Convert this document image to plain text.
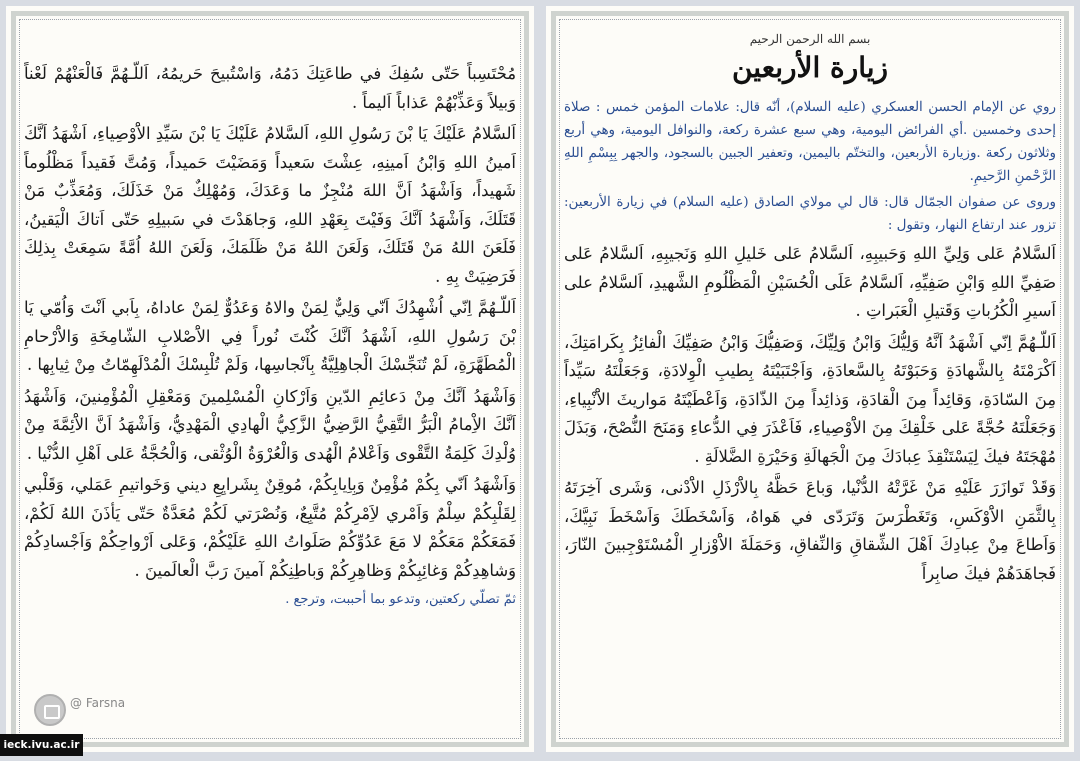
بسم الله الرحمن الرحيم

زيارة الأربعين

روي عن الإمام الحسن العسكري (عليه السلام)، أنّه قال: علامات المؤمن خمس : صلاة إحدى وخمسين .أي الفرائض اليومية، وهي سبع عشرة ركعة، والنوافل اليومية، وهي أربع وثلاثون ركعة .وزيارة الأربعين، والتختّم باليمين، وتعفير الجبين بالسجود، والجهر بِبِسْمِ اللهِ الرَّحْمنِ الرَّحيمِ.

وروى عن صفوان الجمّال قال: قال لي مولاي الصادق (عليه السلام) في زيارة الأربعين: تزور عند ارتفاع النهار، وتقول :

اَلسَّلامُ عَلى وَلِيِّ اللهِ وَحَبيبِهِ، اَلسَّلامُ عَلى خَليلِ اللهِ وَنَجيبِهِ، اَلسَّلامُ عَلى صَفِيِّ اللهِ وَابْنِ صَفِيِّهِ، اَلسَّلامُ عَلَى الْحُسَيْنِ الْمَظْلُومِ الشَّهيدِ، اَلسَّلامُ على اَسيرِ الْكُرُباتِ وَقَتيلِ الْعَبَراتِ .

اَللّـهُمَّ اِنّي اَشْهَدُ اَنَّهُ وَلِيُّكَ وَابْنُ وَلِيِّكَ، وَصَفِيُّكَ وَابْنُ صَفِيِّكَ الْفائِزُ بِكَرامَتِكَ، اَكْرَمْتَهُ بِالشَّهادَةِ وَحَبَوْتَهُ بِالسَّعادَةِ، وَاَجْتَبَيْتَهُ بِطيبِ الْوِلادَةِ، وَجَعَلْتَهُ سَيِّداً مِنَ السّادَةِ، وَقائِداً مِنَ الْقادَةِ، وَذائِداً مِنَ الذّادَةِ، وَاَعْطَيْتَهُ مَواريثَ الاَْنْبِياءِ، وَجَعَلْتَهُ حُجَّةً عَلى خَلْقِكَ مِنَ الاَْوْصِياءِ، فَاَعْذَرَ فِي الدُّعاءِ وَمَنَحَ النُّصْحَ، وَبَذَلَ مُهْجَتَهُ فيكَ لِيَسْتَنْقِذَ عِبادَكَ مِنَ الْجَهالَةِ وَحَيْرَةِ الضَّلالَةِ .

وَقَدْ تَوازَرَ عَلَيْهِ مَنْ غَرَّتْهُ الدُّنْيا، وَباعَ حَظَّهُ بِالاَْرْذَلِ الاَْدْنى، وَشَرى آخِرَتَهُ بِالثَّمَنِ الاَْوْكَسِ، وَتَغَطْرَسَ وَتَرَدّى في هَواهُ، وَاَسْخَطَكَ وَاَسْخَطَ نَبِيَّكَ، وَاَطاعَ مِنْ عِبادِكَ اَهْلَ الشِّقاقِ وَالنِّفاقِ، وَحَمَلَةَ الاَْوْزارِ الْمُسْتَوْجِبينَ النّارَ، فَجاهَدَهُمْ فيكَ صابِراً

مُحْتَسِباً حَتّى سُفِكَ في طاعَتِكَ دَمُهُ، وَاسْتُبيحَ حَريمُهُ، اَللّـهُمَّ فَالْعَنْهُمْ لَعْناً وَبيلاً وَعَذِّبْهُمْ عَذاباً اَليماً .

اَلسَّلامُ عَلَيْكَ يَا بْنَ رَسُولِ اللهِ، اَلسَّلامُ عَلَيْكَ يَا بْنَ سَيِّدِ الاَْوْصِياءِ، اَشْهَدُ اَنَّكَ اَمينُ اللهِ وَابْنُ اَمينِهِ، عِشْتَ سَعيداً وَمَضَيْتَ حَميداً، وَمُتَّ فَقيداً مَظْلُوماً شَهيداً، وَاَشْهَدُ اَنَّ اللهَ مُنْجِزٌ ما وَعَدَكَ، وَمُهْلِكٌ مَنْ خَذَلَكَ، وَمُعَذِّبٌ مَنْ قَتَلَكَ، وَاَشْهَدُ اَنَّكَ وَفَيْتَ بِعَهْدِ اللهِ، وَجاهَدْتَ في سَبيلِهِ حَتّى اَتاكَ الْيَقينُ، فَلَعَنَ اللهُ مَنْ قَتَلَكَ، وَلَعَنَ اللهُ مَنْ ظَلَمَكَ، وَلَعَنَ اللهُ اُمَّةً سَمِعَتْ بِذلِكَ فَرَضِيَتْ بِهِ .

اَللّـهُمَّ اِنّي اُشْهِدُكَ اَنّي وَلِيٌّ لِمَنْ والاهُ وَعَدُوٌّ لِمَنْ عاداهُ، بِاَبي اَنْتَ وَاُمّي يَا بْنَ رَسُولِ اللهِ، اَشْهَدُ اَنَّكَ كُنْتَ نُوراً فِي الاَْصْلابِ الشّامِخَةِ وَالاَْرْحامِ الْمُطَهَّرَةِ، لَمْ تُنَجِّسْكَ الْجاهِلِيَّةُ بِاَنْجاسِها، وَلَمْ تُلْبِسْكَ الْمُدْلَهِمّاتُ مِنْ ثِيابِها .

وَاَشْهَدُ اَنَّكَ مِنْ دَعائِمِ الدّينِ وَاَرْكانِ الْمُسْلِمينَ وَمَعْقِلِ الْمُؤْمِنينَ، وَاَشْهَدُ اَنَّكَ الاِْمامُ الْبَرُّ التَّقِيُّ الرَّضِيُّ الزَّكِيُّ الْهادِي الْمَهْدِيُّ، وَاَشْهَدُ اَنَّ الاَْئِمَّةَ مِنْ وُلْدِكَ كَلِمَةُ التَّقْوى وَاَعْلامُ الْهُدى وَالْعُرْوَةُ الْوُثْقى، وَالْحُجَّةُ عَلى اَهْلِ الدُّنْيا .

وَاَشْهَدُ اَنّي بِكُمْ مُؤْمِنٌ وَبِاِيابِكُمْ، مُوقِنٌ بِشَرايِعِ ديني وَخَواتيمِ عَمَلي، وَقَلْبي لِقَلْبِكُمْ سِلْمٌ وَاَمْري لاَِمْرِكُمْ مُتَّبِعٌ، وَنُصْرَتي لَكُمْ مُعَدَّةٌ حَتّى يَأذَنَ اللهُ لَكُمْ، فَمَعَكُمْ مَعَكُمْ لا مَعَ عَدُوِّكُمْ صَلَواتُ اللهِ عَلَيْكُمْ، وَعَلى اَرْواحِكُمْ وَاَجْسادِكُمْ وَشاهِدِكُمْ وَغائِبِكُمْ وَظاهِرِكُمْ وَباطِنِكُمْ آمينَ رَبَّ الْعالَمينَ .

ثمّ تصلّي ركعتين، وتدعو بما أحببت، وترجع .

@ Farsna
ieck.ivu.ac.ir
